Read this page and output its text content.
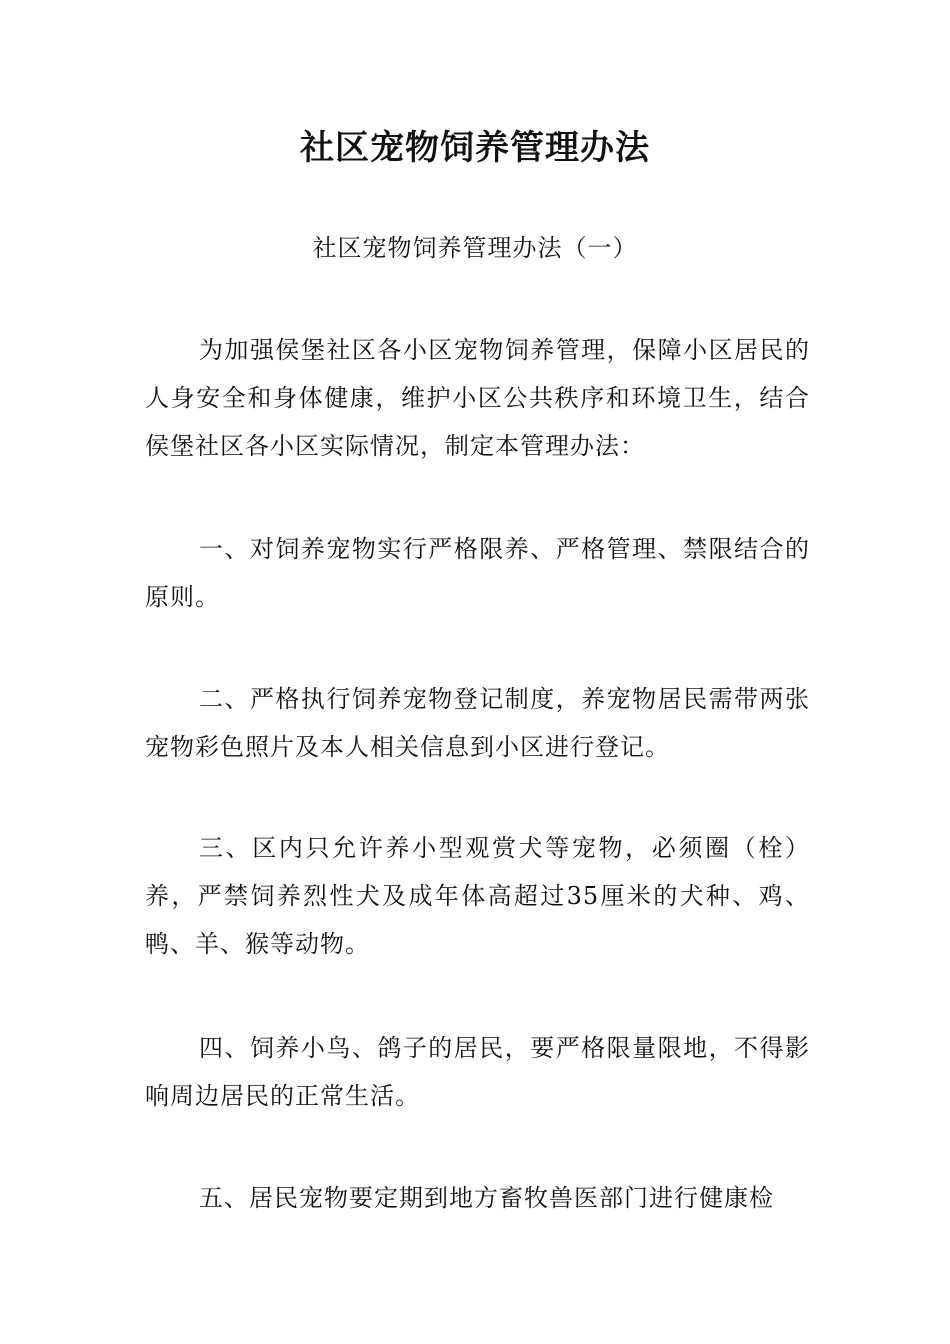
社区宠物饲养管理办法
社区宠物饲养管理办法（一）

为加强侯堡社区各小区宠物饲养管理，保障小区居民的人身安全和身体健康，维护小区公共秩序和环境卫生，结合侯堡社区各小区实际情况，制定本管理办法：

一、对饲养宠物实行严格限养、严格管理、禁限结合的原则。

二、严格执行饲养宠物登记制度，养宠物居民需带两张宠物彩色照片及本人相关信息到小区进行登记。

三、区内只允许养小型观赏犬等宠物，必须圈（栓）养，严禁饲养烈性犬及成年体高超过35厘米的犬种、鸡、鸭、羊、猴等动物。

四、饲养小鸟、鸽子的居民，要严格限量限地，不得影响周边居民的正常生活。

五、居民宠物要定期到地方畜牧兽医部门进行健康检
